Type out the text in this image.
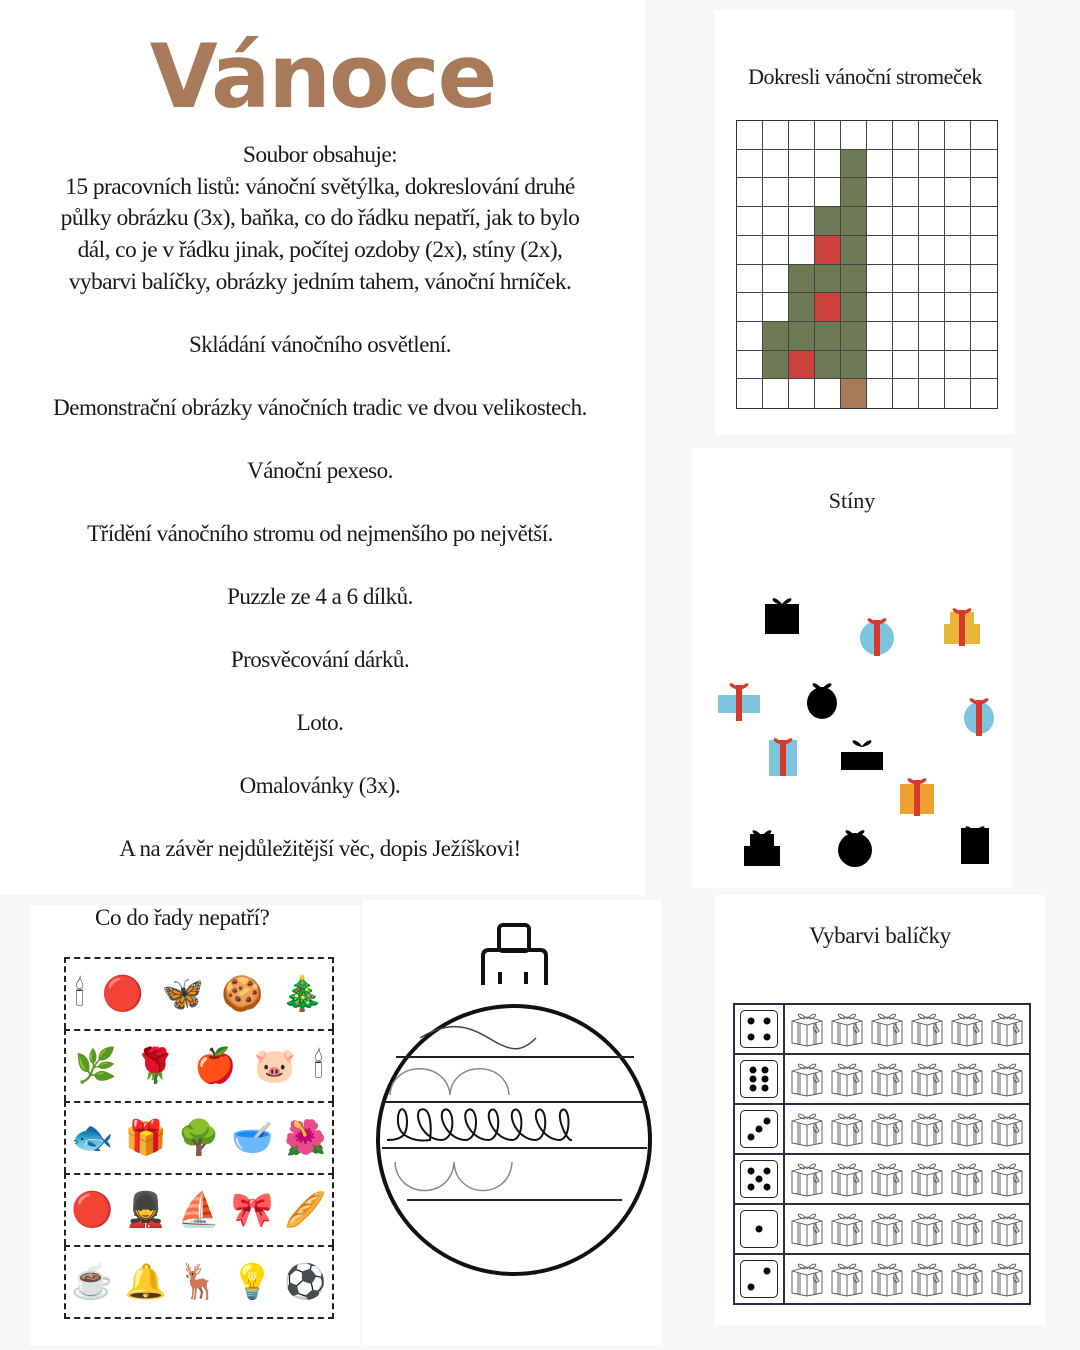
Vánoce
Soubor obsahuje:
15 pracovních listů: vánoční světýlka, dokreslování druhé
půlky obrázku (3x), baňka, co do řádku nepatří, jak to bylo
dál, co je v řádku jinak, počítej ozdoby (2x), stíny (2x),
vybarvi balíčky, obrázky jedním tahem, vánoční hrníček.
Skládání vánočního osvětlení.
Demonstrační obrázky vánočních tradic ve dvou velikostech.
Vánoční pexeso.
Třídění vánočního stromu od nejmenšího po největší.
Puzzle ze 4 a 6 dílků.
Prosvěcování dárků.
Loto.
Omalovánky (3x).
A na závěr nejdůležitější věc, dopis Ježíškovi!
Dokresli vánoční stromeček
Stíny
Co do řady nepatří?
🕯 🔴 🦋 🍪 🎄
🌿 🌹 🍎 🐷 🕯
🐟 🎁 🌳 🥣 🌺
🔴 💂 ⛵ 🎀 🥖
☕ 🔔 🦌 💡 ⚽
Vybarvi balíčky
